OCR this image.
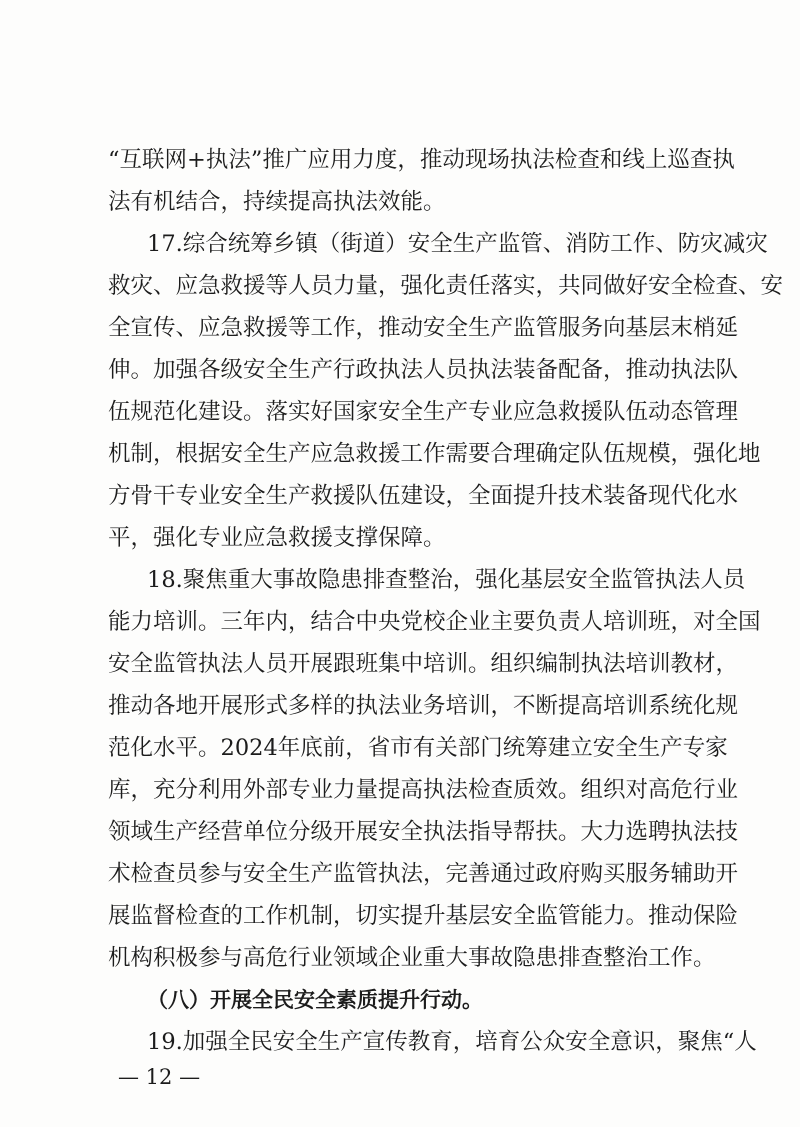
“互联网+执法”推广应用力度，推动现场执法检查和线上巡查执
法有机结合，持续提高执法效能。
17.综合统筹乡镇（街道）安全生产监管、消防工作、防灾减灾
救灾、应急救援等人员力量，强化责任落实，共同做好安全检查、安
全宣传、应急救援等工作，推动安全生产监管服务向基层末梢延
伸。加强各级安全生产行政执法人员执法装备配备，推动执法队
伍规范化建设。落实好国家安全生产专业应急救援队伍动态管理
机制，根据安全生产应急救援工作需要合理确定队伍规模，强化地
方骨干专业安全生产救援队伍建设，全面提升技术装备现代化水
平，强化专业应急救援支撑保障。
18.聚焦重大事故隐患排查整治，强化基层安全监管执法人员
能力培训。三年内，结合中央党校企业主要负责人培训班，对全国
安全监管执法人员开展跟班集中培训。组织编制执法培训教材，
推动各地开展形式多样的执法业务培训，不断提高培训系统化规
范化水平。2024年底前，省市有关部门统筹建立安全生产专家
库，充分利用外部专业力量提高执法检查质效。组织对高危行业
领域生产经营单位分级开展安全执法指导帮扶。大力选聘执法技
术检查员参与安全生产监管执法，完善通过政府购买服务辅助开
展监督检查的工作机制，切实提升基层安全监管能力。推动保险
机构积极参与高危行业领域企业重大事故隐患排查整治工作。
（八）开展全民安全素质提升行动。
19.加强全民安全生产宣传教育，培育公众安全意识，聚焦“人
— 12 —
